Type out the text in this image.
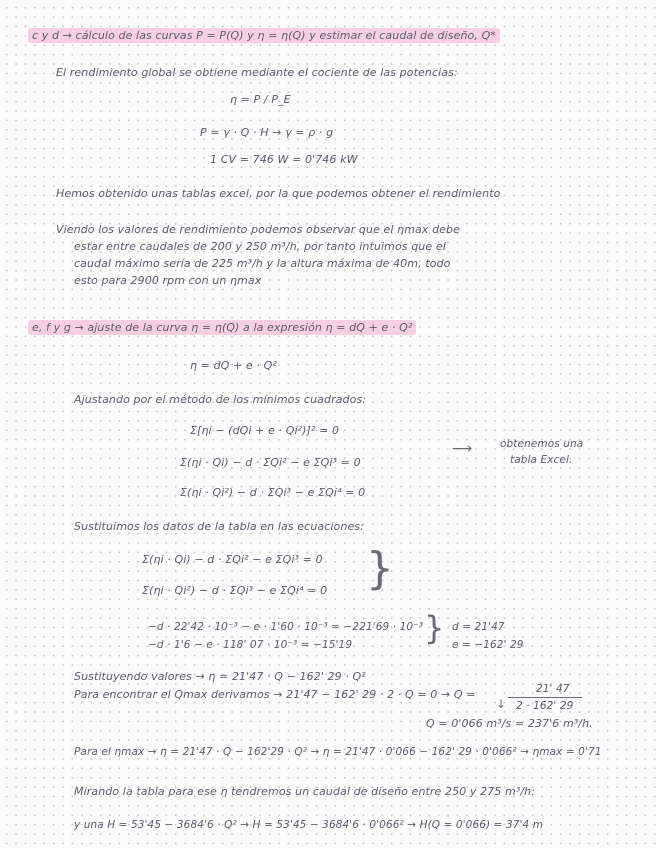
c y d → cálculo de las curvas P = P(Q) y η = η(Q) y estimar el caudal de diseño, Q*
El rendimiento global se obtiene mediante el cociente de las potencias:
η = P / P_E
P = γ · Q · H → γ = ρ · g
1 CV = 746 W = 0'746 kW
Hemos obtenido unas tablas excel, por la que podemos obtener el rendimiento
Viendo los valores de rendimiento podemos observar que el ηmax debe
estar entre caudales de 200 y 250 m³/h, por tanto intuimos que el
caudal máximo sería de 225 m³/h y la altura máxima de 40m, todo
esto para 2900 rpm con un ηmax
e, f y g → ajuste de la curva η = η(Q) a la expresión η = dQ + e · Q²
η = dQ + e · Q²
Ajustando por el método de los mínimos cuadrados:
Σ[ηi − (dQi + e · Qi²)]² = 0
Σ(ηi · Qi) − d · ΣQi² − e ΣQi³ = 0
Σ(ηi · Qi²) − d · ΣQi³ − e ΣQi⁴ = 0
⟶	obtenemos una
tabla Excel.
Sustituimos los datos de la tabla en las ecuaciones:
Σ(ηi · Qi) − d · ΣQi² − e ΣQi³ = 0
Σ(ηi · Qi²) − d · ΣQi³ − e ΣQi⁴ = 0 }
−d · 22'42 · 10⁻³ − e · 1'60 · 10⁻³ = −221'69 · 10⁻³
−d · 1'6 − e · 118' 07 · 10⁻³ = −15'19 } d = 21'47
e = −162' 29
Sustituyendo valores → η = 21'47 · Q − 162' 29 · Q²
Para encontrar el Qmax derivamos → 21'47 − 162' 29 · 2 · Q = 0 → Q =	21' 47
2 · 162' 29
↓
Q = 0'066 m³/s = 237'6 m³/h.
Para el ηmax → η = 21'47 · Q − 162'29 · Q² → η = 21'47 · 0'066 − 162' 29 · 0'066² → ηmax = 0'71
Mirando la tabla para ese η tendremos un caudal de diseño entre 250 y 275 m³/h:
y una H = 53'45 − 3684'6 · Q² → H = 53'45 − 3684'6 · 0'066² → H(Q = 0'066) = 37'4 m
